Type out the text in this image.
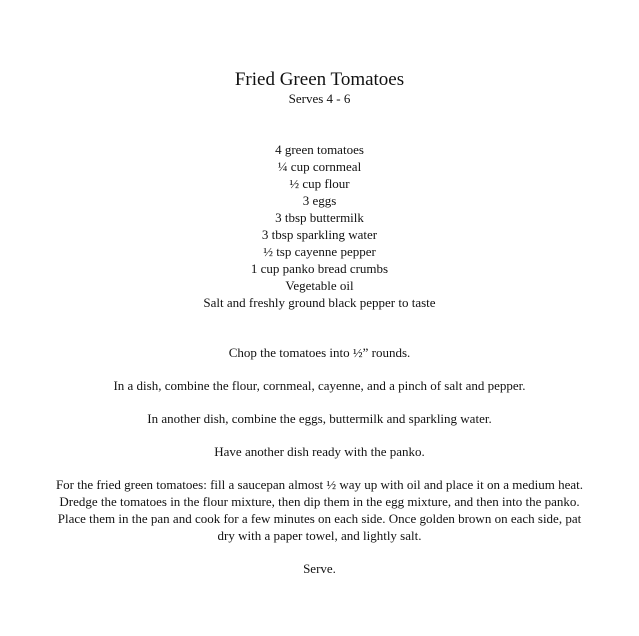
Fried Green Tomatoes
Serves 4 - 6
4 green tomatoes
¼ cup cornmeal
½ cup flour
3 eggs
3 tbsp buttermilk
3 tbsp sparkling water
½ tsp cayenne pepper
1 cup panko bread crumbs
Vegetable oil
Salt and freshly ground black pepper to taste

Chop the tomatoes into ½” rounds.

In a dish, combine the flour, cornmeal, cayenne, and a pinch of salt and pepper.

In another dish, combine the eggs, buttermilk and sparkling water.

Have another dish ready with the panko.

For the fried green tomatoes: fill a saucepan almost ½ way up with oil and place it on a medium heat. Dredge the tomatoes in the flour mixture, then dip them in the egg mixture, and then into the panko. Place them in the pan and cook for a few minutes on each side. Once golden brown on each side, pat dry with a paper towel, and lightly salt.

Serve.
